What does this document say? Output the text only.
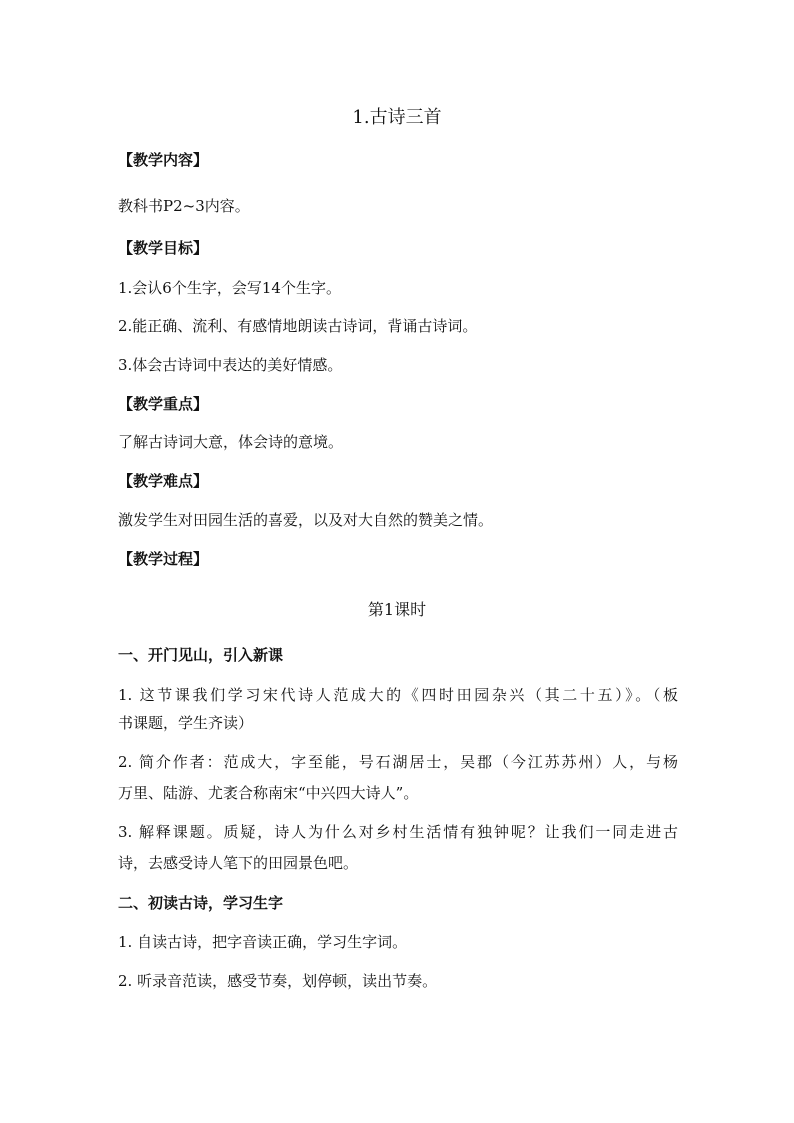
1.古诗三首
【教学内容】
教科书P2~3内容。
【教学目标】
1.会认6个生字，会写14个生字。
2.能正确、流利、有感情地朗读古诗词，背诵古诗词。
3.体会古诗词中表达的美好情感。
【教学重点】
了解古诗词大意，体会诗的意境。
【教学难点】
激发学生对田园生活的喜爱，以及对大自然的赞美之情。
【教学过程】
第1课时
一、开门见山，引入新课
1. 这节课我们学习宋代诗人范成大的《四时田园杂兴（其二十五）》。（板
书课题，学生齐读）
2. 简介作者：范成大，字至能，号石湖居士，吴郡（今江苏苏州）人，与杨
万里、陆游、尤袤合称南宋“中兴四大诗人”。
3. 解释课题。质疑，诗人为什么对乡村生活情有独钟呢？让我们一同走进古
诗，去感受诗人笔下的田园景色吧。
二、初读古诗，学习生字
1. 自读古诗，把字音读正确，学习生字词。
2. 听录音范读，感受节奏，划停顿，读出节奏。
